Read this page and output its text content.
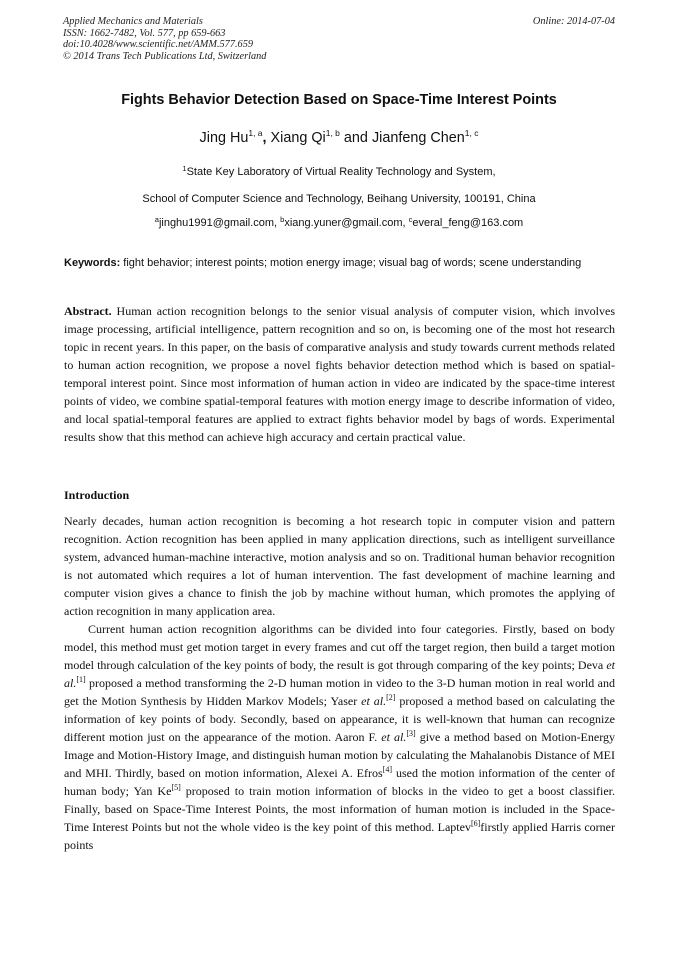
Applied Mechanics and Materials
ISSN: 1662-7482, Vol. 577, pp 659-663
doi:10.4028/www.scientific.net/AMM.577.659
© 2014 Trans Tech Publications Ltd, Switzerland
Online: 2014-07-04
Fights Behavior Detection Based on Space-Time Interest Points
Jing Hu$^{1, a}$, Xiang Qi$^{1, b}$ and Jianfeng Chen$^{1, c}$
$^1$State Key Laboratory of Virtual Reality Technology and System,
School of Computer Science and Technology, Beihang University, 100191, China
$^a$jinghu1991@gmail.com, $^b$xiang.yuner@gmail.com, $^c$everal_feng@163.com
Keywords: fight behavior; interest points; motion energy image; visual bag of words; scene understanding
Abstract. Human action recognition belongs to the senior visual analysis of computer vision, which involves image processing, artificial intelligence, pattern recognition and so on, is becoming one of the most hot research topic in recent years. In this paper, on the basis of comparative analysis and study towards current methods related to human action recognition, we propose a novel fights behavior detection method which is based on spatial-temporal interest point. Since most information of human action in video are indicated by the space-time interest points of video, we combine spatial-temporal features with motion energy image to describe information of video, and local spatial-temporal features are applied to extract fights behavior model by bags of words. Experimental results show that this method can achieve high accuracy and certain practical value.
Introduction

Nearly decades, human action recognition is becoming a hot research topic in computer vision and pattern recognition. Action recognition has been applied in many application directions, such as intelligent surveillance system, advanced human-machine interactive, motion analysis and so on. Traditional human behavior recognition is not automated which requires a lot of human intervention. The fast development of machine learning and computer vision gives a chance to finish the job by machine without human, which promotes the applying of action recognition in many application area.

Current human action recognition algorithms can be divided into four categories. Firstly, based on body model, this method must get motion target in every frames and cut off the target region, then build a target motion model through calculation of the key points of body, the result is got through comparing of the key points; Deva et al.[1] proposed a method transforming the 2-D human motion in video to the 3-D human motion in real world and get the Motion Synthesis by Hidden Markov Models; Yaser et al.[2] proposed a method based on calculating the information of key points of body. Secondly, based on appearance, it is well-known that human can recognize different motion just on the appearance of the motion. Aaron F. et al.[3] give a method based on Motion-Energy Image and Motion-History Image, and distinguish human motion by calculating the Mahalanobis Distance of MEI and MHI. Thirdly, based on motion information, Alexei A. Efros[4] used the motion information of the center of human body; Yan Ke[5] proposed to train motion information of blocks in the video to get a boost classifier. Finally, based on Space-Time Interest Points, the most information of human motion is included in the Space-Time Interest Points but not the whole video is the key point of this method. Laptev[6]firstly applied Harris corner points
